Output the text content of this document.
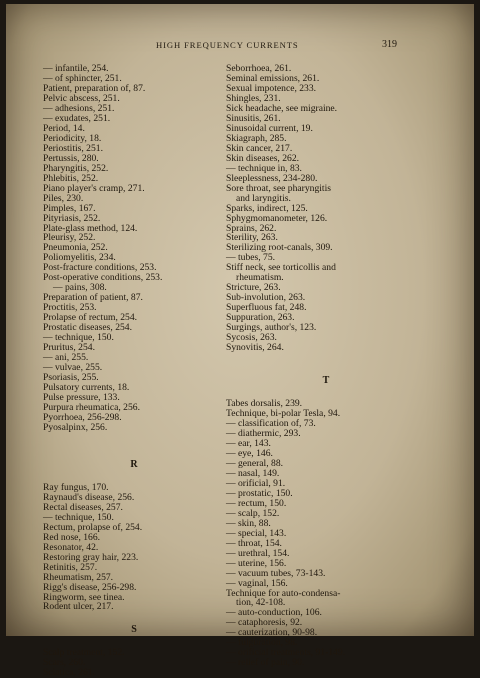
HIGH FREQUENCY CURRENTS	319
— infantile, 254.
— of sphincter, 251.
Patient, preparation of, 87.
Pelvic abscess, 251.
— adhesions, 251.
— exudates, 251.
Period, 14.
Periodicity, 18.
Periostitis, 251.
Pertussis, 280.
Pharyngitis, 252.
Phlebitis, 252.
Piano player's cramp, 271.
Piles, 230.
Pimples, 167.
Pityriasis, 252.
Plate-glass method, 124.
Pleurisy, 252.
Pneumonia, 252.
Poliomyelitis, 234.
Post-fracture conditions, 253.
Post-operative conditions, 253.
— pains, 308.
Preparation of patient, 87.
Proctitis, 253.
Prolapse of rectum, 254.
Prostatic diseases, 254.
— technique, 150.
Pruritus, 254.
— ani, 255.
— vulvae, 255.
Psoriasis, 255.
Pulsatory currents, 18.
Pulse pressure, 133.
Purpura rheumatica, 256.
Pyorrhoea, 256-298.
Pyosalpinx, 256.
R
Ray fungus, 170.
Raynaud's disease, 256.
Rectal diseases, 257.
— technique, 150.
Rectum, prolapse of, 254.
Red nose, 166.
Resonator, 42.
Restoring gray hair, 223.
Retinitis, 257.
Rheumatism, 257.
Rigg's disease, 256-298.
Ringworm, see tinea.
Rodent ulcer, 217.
S
Scalp treatment, 152.
Scars, 260.
Sciatica, 261.
Seborrhoea, 261.
Seminal emissions, 261.
Sexual impotence, 233.
Shingles, 231.
Sick headache, see migraine.
Sinusitis, 261.
Sinusoidal current, 19.
Skiagraph, 285.
Skin cancer, 217.
Skin diseases, 262.
— technique in, 83.
Sleeplessness, 234-280.
Sore throat, see pharyngitis
and laryngitis.
Sparks, indirect, 125.
Sphygmomanometer, 126.
Sprains, 262.
Sterility, 263.
Sterilizing root-canals, 309.
— tubes, 75.
Stiff neck, see torticollis and
rheumatism.
Stricture, 263.
Sub-involution, 263.
Superfluous fat, 248.
Suppuration, 263.
Surgings, author's, 123.
Sycosis, 263.
Synovitis, 264.
T
Tabes dorsalis, 239.
Technique, bi-polar Tesla, 94.
— classification of, 73.
— diathermic, 293.
— ear, 143.
— eye, 146.
— general, 88.
— nasal, 149.
— orificial, 91.
— prostatic, 150.
— rectum, 150.
— scalp, 152.
— skin, 88.
— special, 143.
— throat, 154.
— urethral, 154.
— uterine, 156.
— vacuum tubes, 73-143.
— vaginal, 156.
Technique for auto-condensa-
tion, 42-108.
— auto-conduction, 106.
— cataphoresis, 92.
— cauterization, 90-98.
— fulguration, 98.
— orificial treatments, 91-149.
— relief of pain, 90.
